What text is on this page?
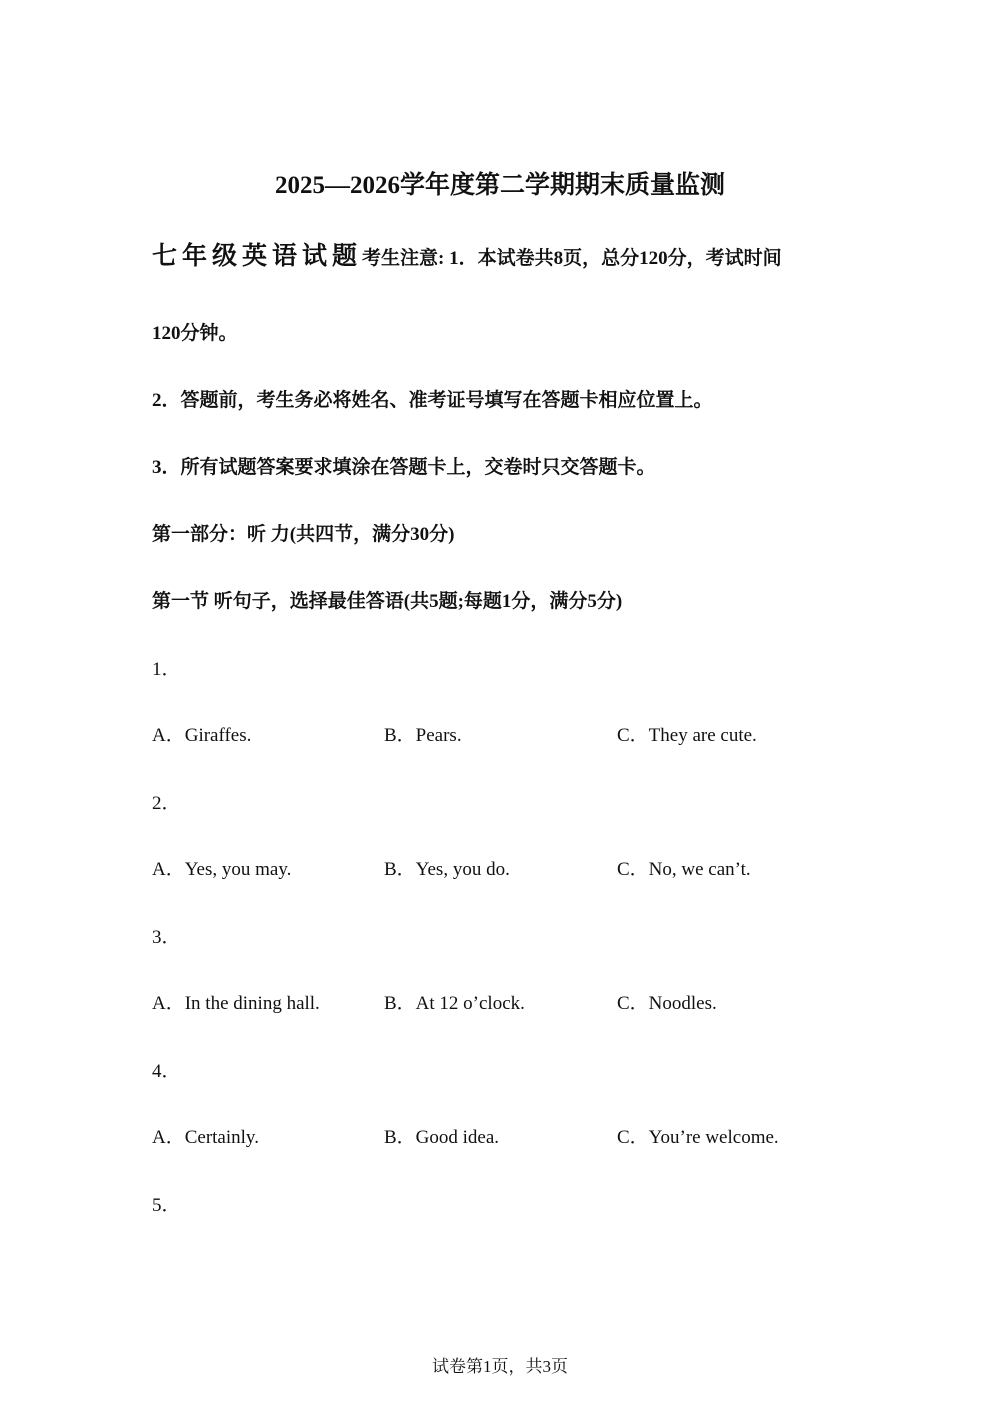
2025—2026学年度第二学期期末质量监测
七年级英语试题考生注意: 1．本试卷共8页，总分120分，考试时间
120分钟。
2．答题前，考生务必将姓名、准考证号填写在答题卡相应位置上。
3．所有试题答案要求填涂在答题卡上，交卷时只交答题卡。
第一部分：听 力(共四节，满分30分)
第一节 听句子，选择最佳答语(共5题;每题1分，满分5分)
1．
A．Giraffes.	B．Pears.	C．They are cute.
2．
A．Yes, you may.	B．Yes, you do.	C．No, we can’t.
3．
A．In the dining hall.	B．At 12 o’clock.	C．Noodles.
4．
A．Certainly.	B．Good idea.	C．You’re welcome.
5．
试卷第1页，共3页
